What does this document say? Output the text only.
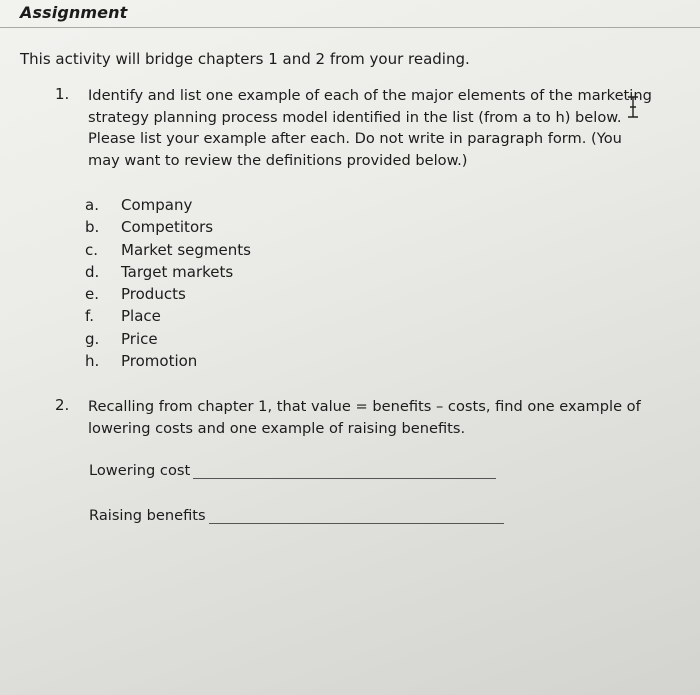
Assignment
This activity will bridge chapters 1 and 2 from your reading.
1. Identify and list one example of each of the major elements of the marketing
strategy planning process model identified in the list (from a to h) below.
Please list your example after each. Do not write in paragraph form. (You
may want to review the definitions provided below.)
a. Company
b. Competitors
c. Market segments
d. Target markets
e. Products
f. Place
g. Price
h. Promotion
2. Recalling from chapter 1, that value = benefits – costs, find one example of
lowering costs and one example of raising benefits.
Lowering cost
Raising benefits
